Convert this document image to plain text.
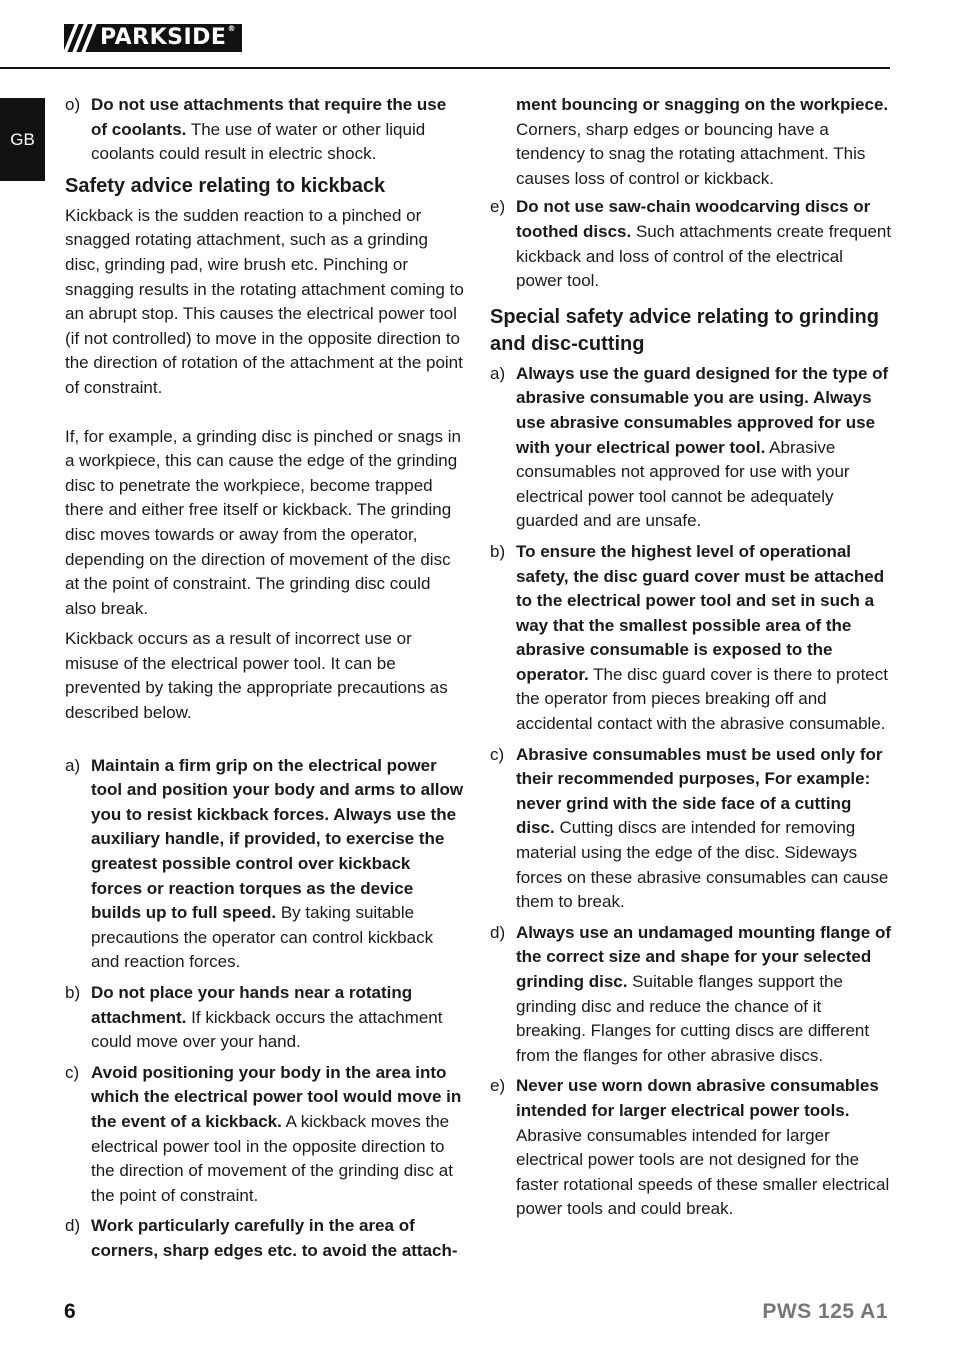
PARKSIDE®
GB
o) Do not use attachments that require the use of coolants. The use of water or other liquid coolants could result in electric shock.
Safety advice relating to kickback

Kickback is the sudden reaction to a pinched or snagged rotating attachment, such as a grinding disc, grinding pad, wire brush etc. Pinching or snagging results in the rotating attachment coming to an abrupt stop. This causes the electrical power tool (if not controlled) to move in the opposite direction to the direction of rotation of the attachment at the point of constraint.

If, for example, a grinding disc is pinched or snags in a workpiece, this can cause the edge of the grinding disc to penetrate the workpiece, become trapped there and either free itself or kickback. The grinding disc moves towards or away from the operator, depending on the direction of movement of the disc at the point of constraint. The grinding disc could also break.

Kickback occurs as a result of incorrect use or misuse of the electrical power tool. It can be prevented by taking the appropriate precautions as described below.

a) Maintain a firm grip on the electrical power tool and position your body and arms to allow you to resist kickback forces. Always use the auxiliary handle, if provided, to exercise the greatest possible control over kickback forces or reaction torques as the device builds up to full speed. By taking suitable precautions the operator can control kickback and reaction forces.
b) Do not place your hands near a rotating attachment. If kickback occurs the attachment could move over your hand.
c) Avoid positioning your body in the area into which the electrical power tool would move in the event of a kickback. A kickback moves the electrical power tool in the opposite direction to the direction of movement of the grinding disc at the point of constraint.
d) Work particularly carefully in the area of corners, sharp edges etc. to avoid the attach-
ment bouncing or snagging on the workpiece. Corners, sharp edges or bouncing have a tendency to snag the rotating attachment. This causes loss of control or kickback.
e) Do not use saw-chain woodcarving discs or toothed discs. Such attachments create frequent kickback and loss of control of the electrical power tool.
Special safety advice relating to grinding and disc-cutting
a) Always use the guard designed for the type of abrasive consumable you are using. Always use abrasive consumables approved for use with your electrical power tool. Abrasive consumables not approved for use with your electrical power tool cannot be adequately guarded and are unsafe.
b) To ensure the highest level of operational safety, the disc guard cover must be attached to the electrical power tool and set in such a way that the smallest possible area of the abrasive consumable is exposed to the operator. The disc guard cover is there to protect the operator from pieces breaking off and accidental contact with the abrasive consumable.
c) Abrasive consumables must be used only for their recommended purposes, For example: never grind with the side face of a cutting disc. Cutting discs are intended for removing material using the edge of the disc. Sideways forces on these abrasive consumables can cause them to break.
d) Always use an undamaged mounting flange of the correct size and shape for your selected grinding disc. Suitable flanges support the grinding disc and reduce the chance of it breaking. Flanges for cutting discs are different from the flanges for other abrasive discs.
e) Never use worn down abrasive consumables intended for larger electrical power tools. Abrasive consumables intended for larger electrical power tools are not designed for the faster rotational speeds of these smaller electrical power tools and could break.
6	PWS 125 A1
